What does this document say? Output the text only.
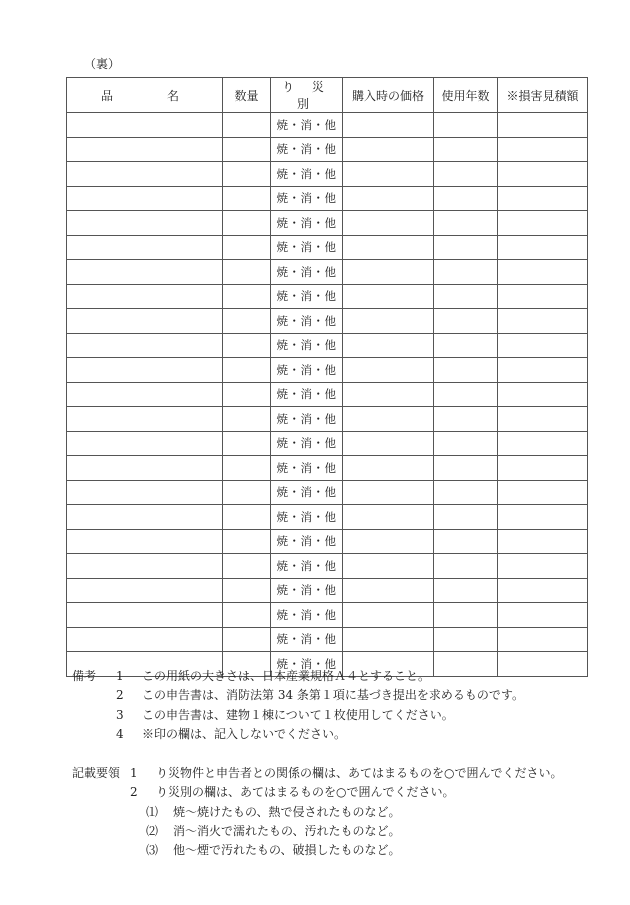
（裏）
品 名	数量	り 災 別	購入時の価格	使用年数	※損害見積額
		焼・消・他			
		焼・消・他			
		焼・消・他			
		焼・消・他			
		焼・消・他			
		焼・消・他			
		焼・消・他			
		焼・消・他			
		焼・消・他			
		焼・消・他			
		焼・消・他			
		焼・消・他			
		焼・消・他			
		焼・消・他			
		焼・消・他			
		焼・消・他			
		焼・消・他			
		焼・消・他			
		焼・消・他			
		焼・消・他			
		焼・消・他			
		焼・消・他			
		焼・消・他			
備考	1	この用紙の大きさは、日本産業規格Ａ４とすること。
2	この申告書は、消防法第 34 条第１項に基づき提出を求めるものです。
3	この申告書は、建物１棟について１枚使用してください。
4	※印の欄は、記入しないでください。
記載要領 1	り災物件と申告者との関係の欄は、あてはまるものを○で囲んでください。
2	り災別の欄は、あてはまるものを○で囲んでください。
⑴	焼～焼けたもの、熱で侵されたものなど。
⑵	消～消火で濡れたもの、汚れたものなど。
⑶	他～煙で汚れたもの、破損したものなど。
